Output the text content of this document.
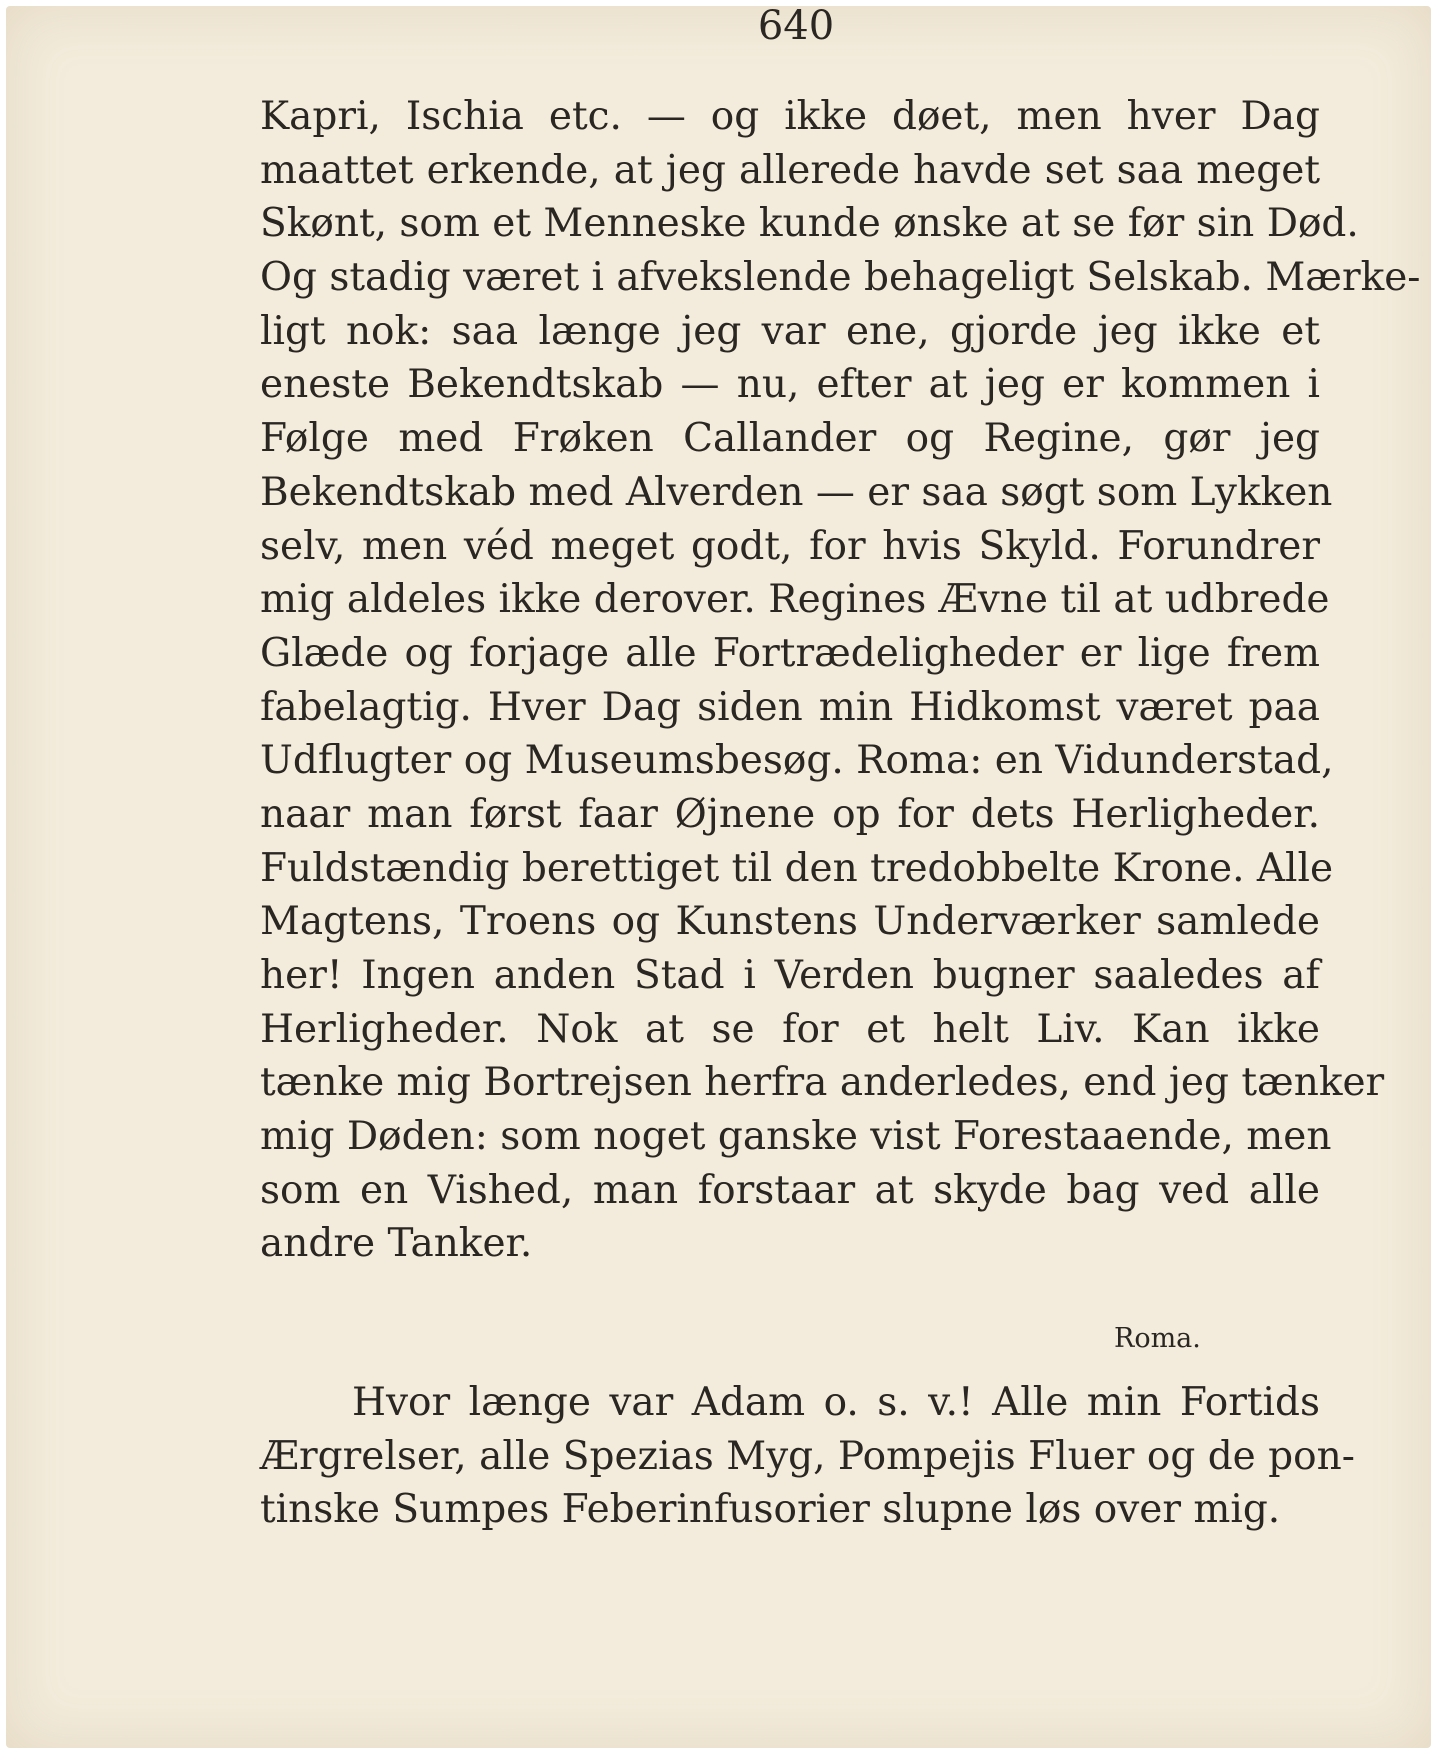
640
Kapri, Ischia etc. — og ikke døet, men hver Dag
maattet erkende, at jeg allerede havde set saa meget
Skønt, som et Menneske kunde ønske at se før sin Død.
Og stadig været i afvekslende behageligt Selskab. Mærke-
ligt nok: saa længe jeg var ene, gjorde jeg ikke et
eneste Bekendtskab — nu, efter at jeg er kommen i
Følge med Frøken Callander og Regine, gør jeg
Bekendtskab med Alverden — er saa søgt som Lykken
selv, men véd meget godt, for hvis Skyld. Forundrer
mig aldeles ikke derover. Regines Ævne til at udbrede
Glæde og forjage alle Fortrædeligheder er lige frem
fabelagtig. Hver Dag siden min Hidkomst været paa
Udflugter og Museumsbesøg. Roma: en Vidunderstad,
naar man først faar Øjnene op for dets Herligheder.
Fuldstændig berettiget til den tredobbelte Krone. Alle
Magtens, Troens og Kunstens Underværker samlede
her! Ingen anden Stad i Verden bugner saaledes af
Herligheder. Nok at se for et helt Liv. Kan ikke
tænke mig Bortrejsen herfra anderledes, end jeg tænker
mig Døden: som noget ganske vist Forestaaende, men
som en Vished, man forstaar at skyde bag ved alle
andre Tanker.
Roma.
Hvor længe var Adam o. s. v.! Alle min Fortids
Ærgrelser, alle Spezias Myg, Pompejis Fluer og de pon-
tinske Sumpes Feberinfusorier slupne løs over mig.
